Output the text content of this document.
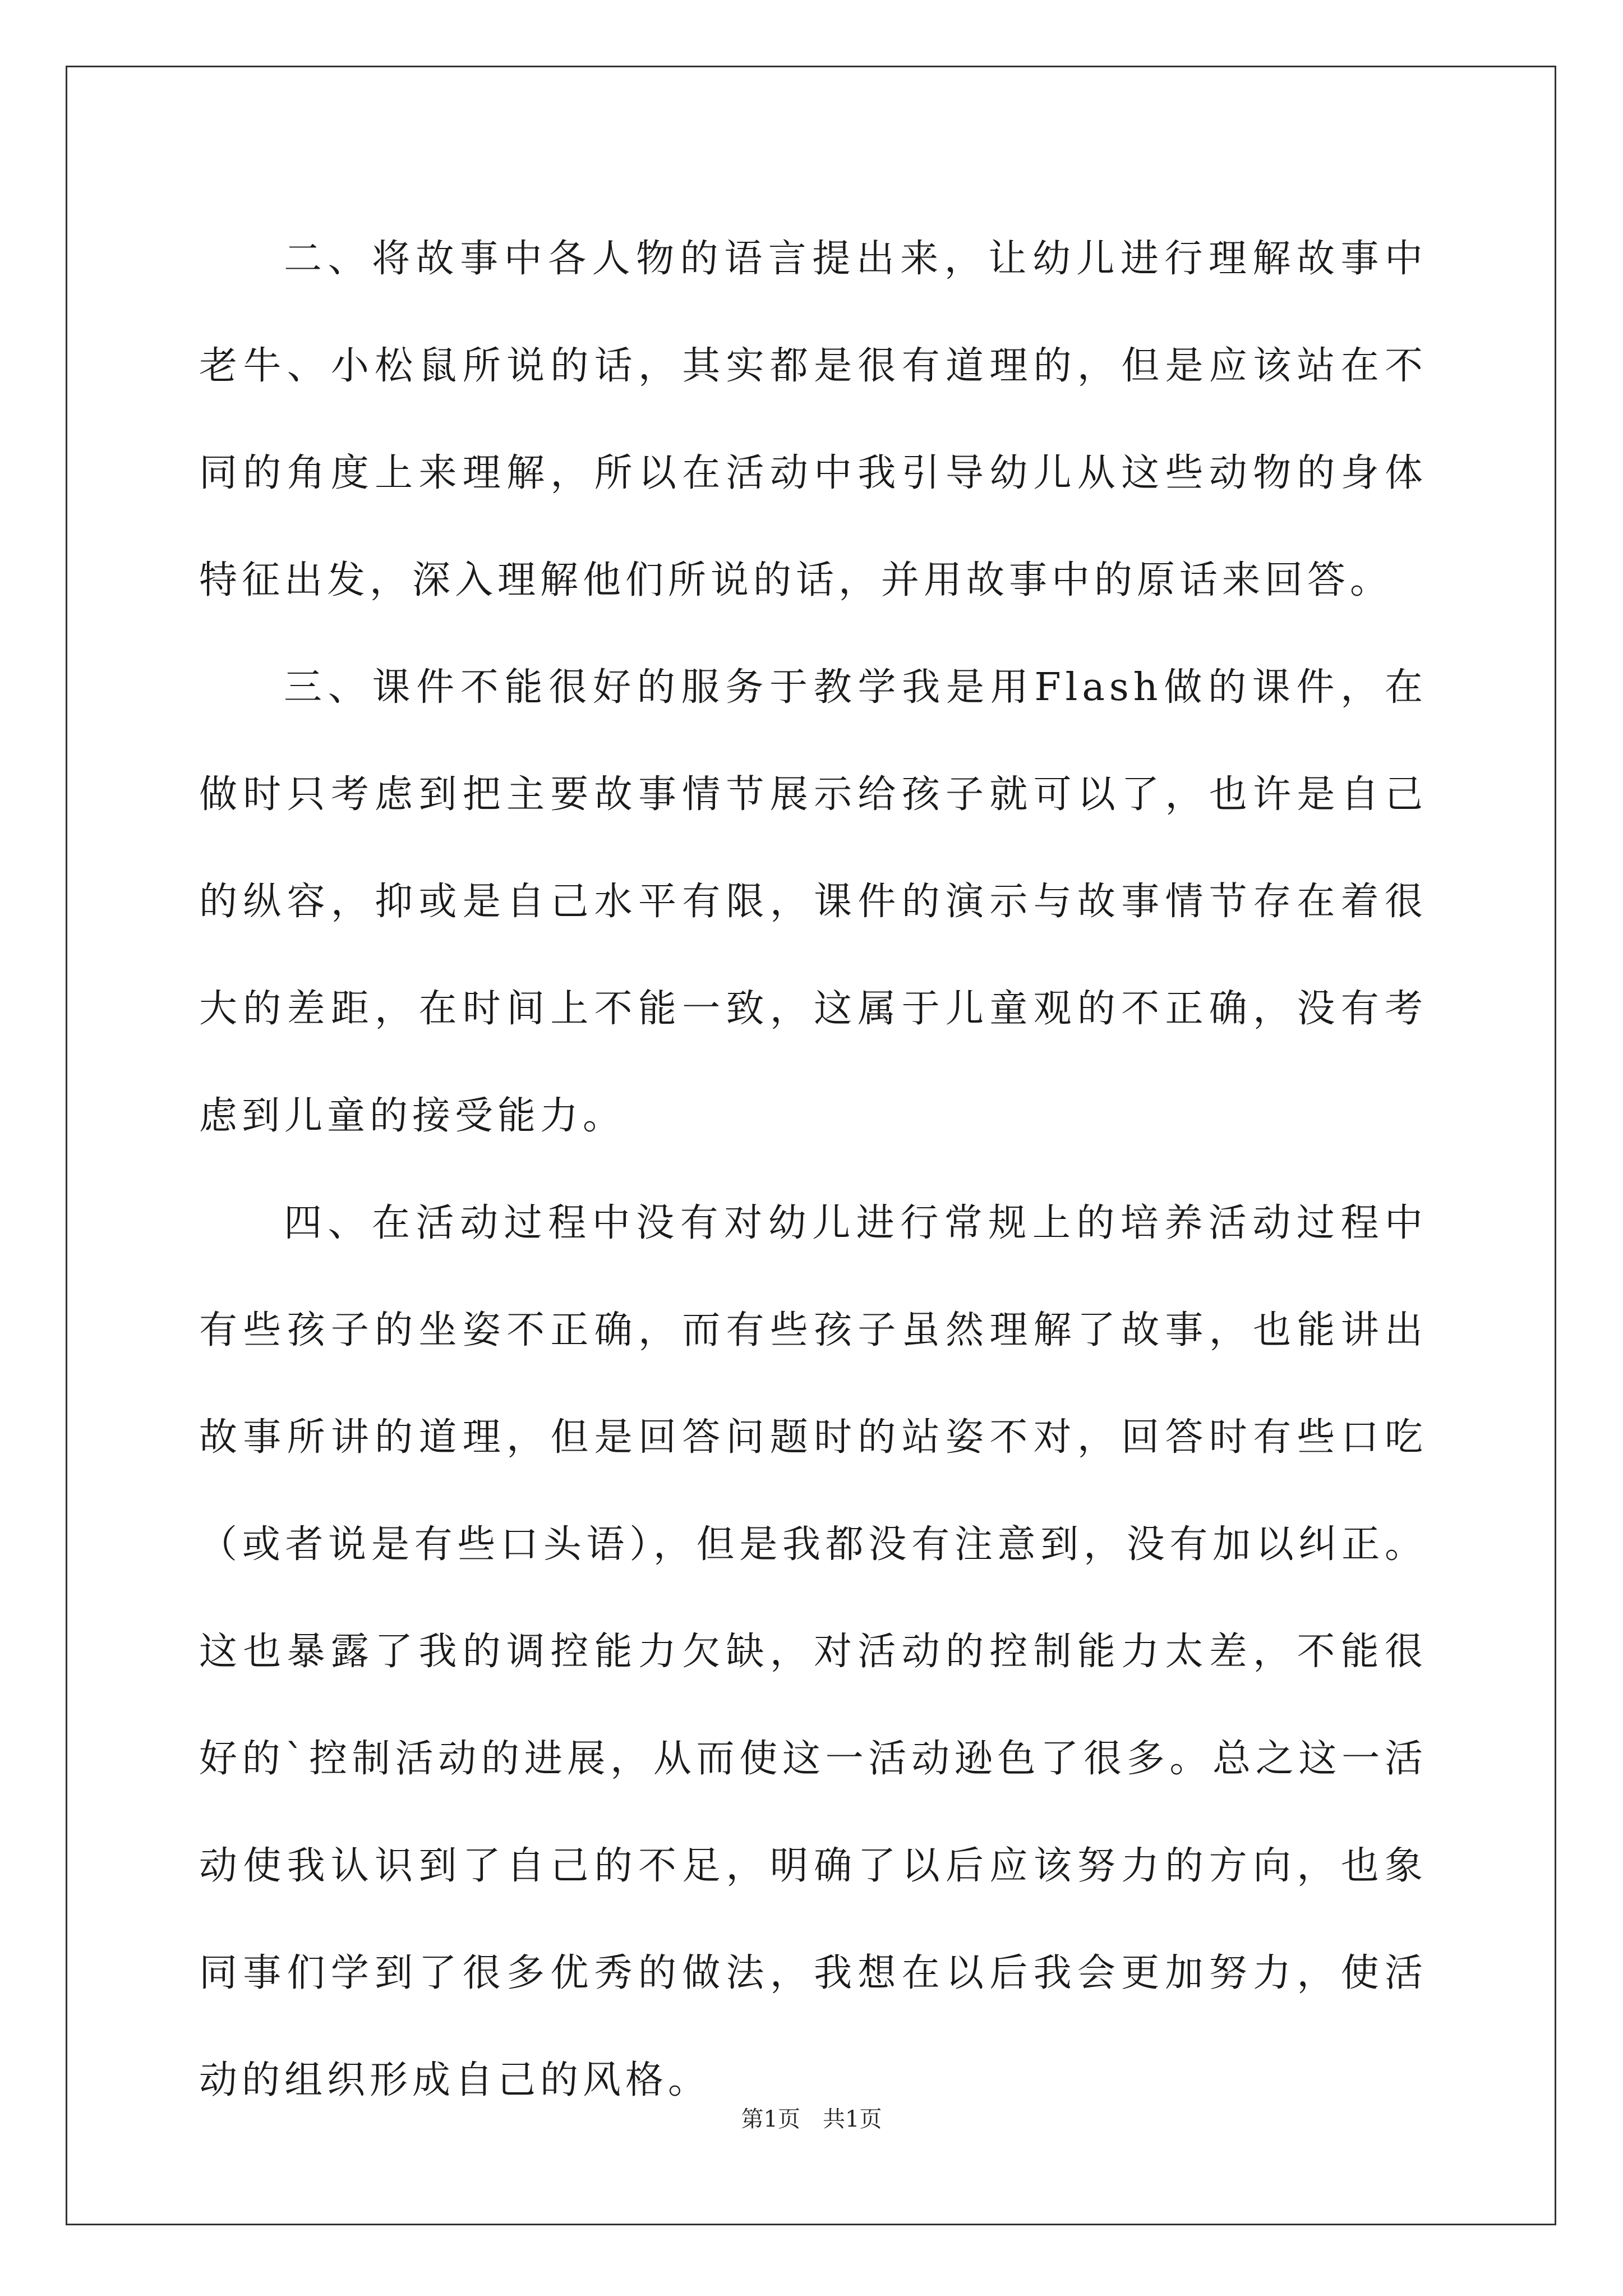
二、将故事中各人物的语言提出来，让幼儿进行理解故事中老牛、小松鼠所说的话，其实都是很有道理的，但是应该站在不同的角度上来理解，所以在活动中我引导幼儿从这些动物的身体特征出发，深入理解他们所说的话，并用故事中的原话来回答。

三、课件不能很好的服务于教学我是用Flash做的课件，在做时只考虑到把主要故事情节展示给孩子就可以了，也许是自己的纵容，抑或是自己水平有限，课件的演示与故事情节存在着很大的差距，在时间上不能一致，这属于儿童观的不正确，没有考虑到儿童的接受能力。

四、在活动过程中没有对幼儿进行常规上的培养活动过程中有些孩子的坐姿不正确，而有些孩子虽然理解了故事，也能讲出故事所讲的道理，但是回答问题时的站姿不对，回答时有些口吃（或者说是有些口头语），但是我都没有注意到，没有加以纠正。这也暴露了我的调控能力欠缺，对活动的控制能力太差，不能很好的`控制活动的进展，从而使这一活动逊色了很多。总之这一活动使我认识到了自己的不足，明确了以后应该努力的方向，也象同事们学到了很多优秀的做法，我想在以后我会更加努力，使活动的组织形成自己的风格。

第1页 共1页
